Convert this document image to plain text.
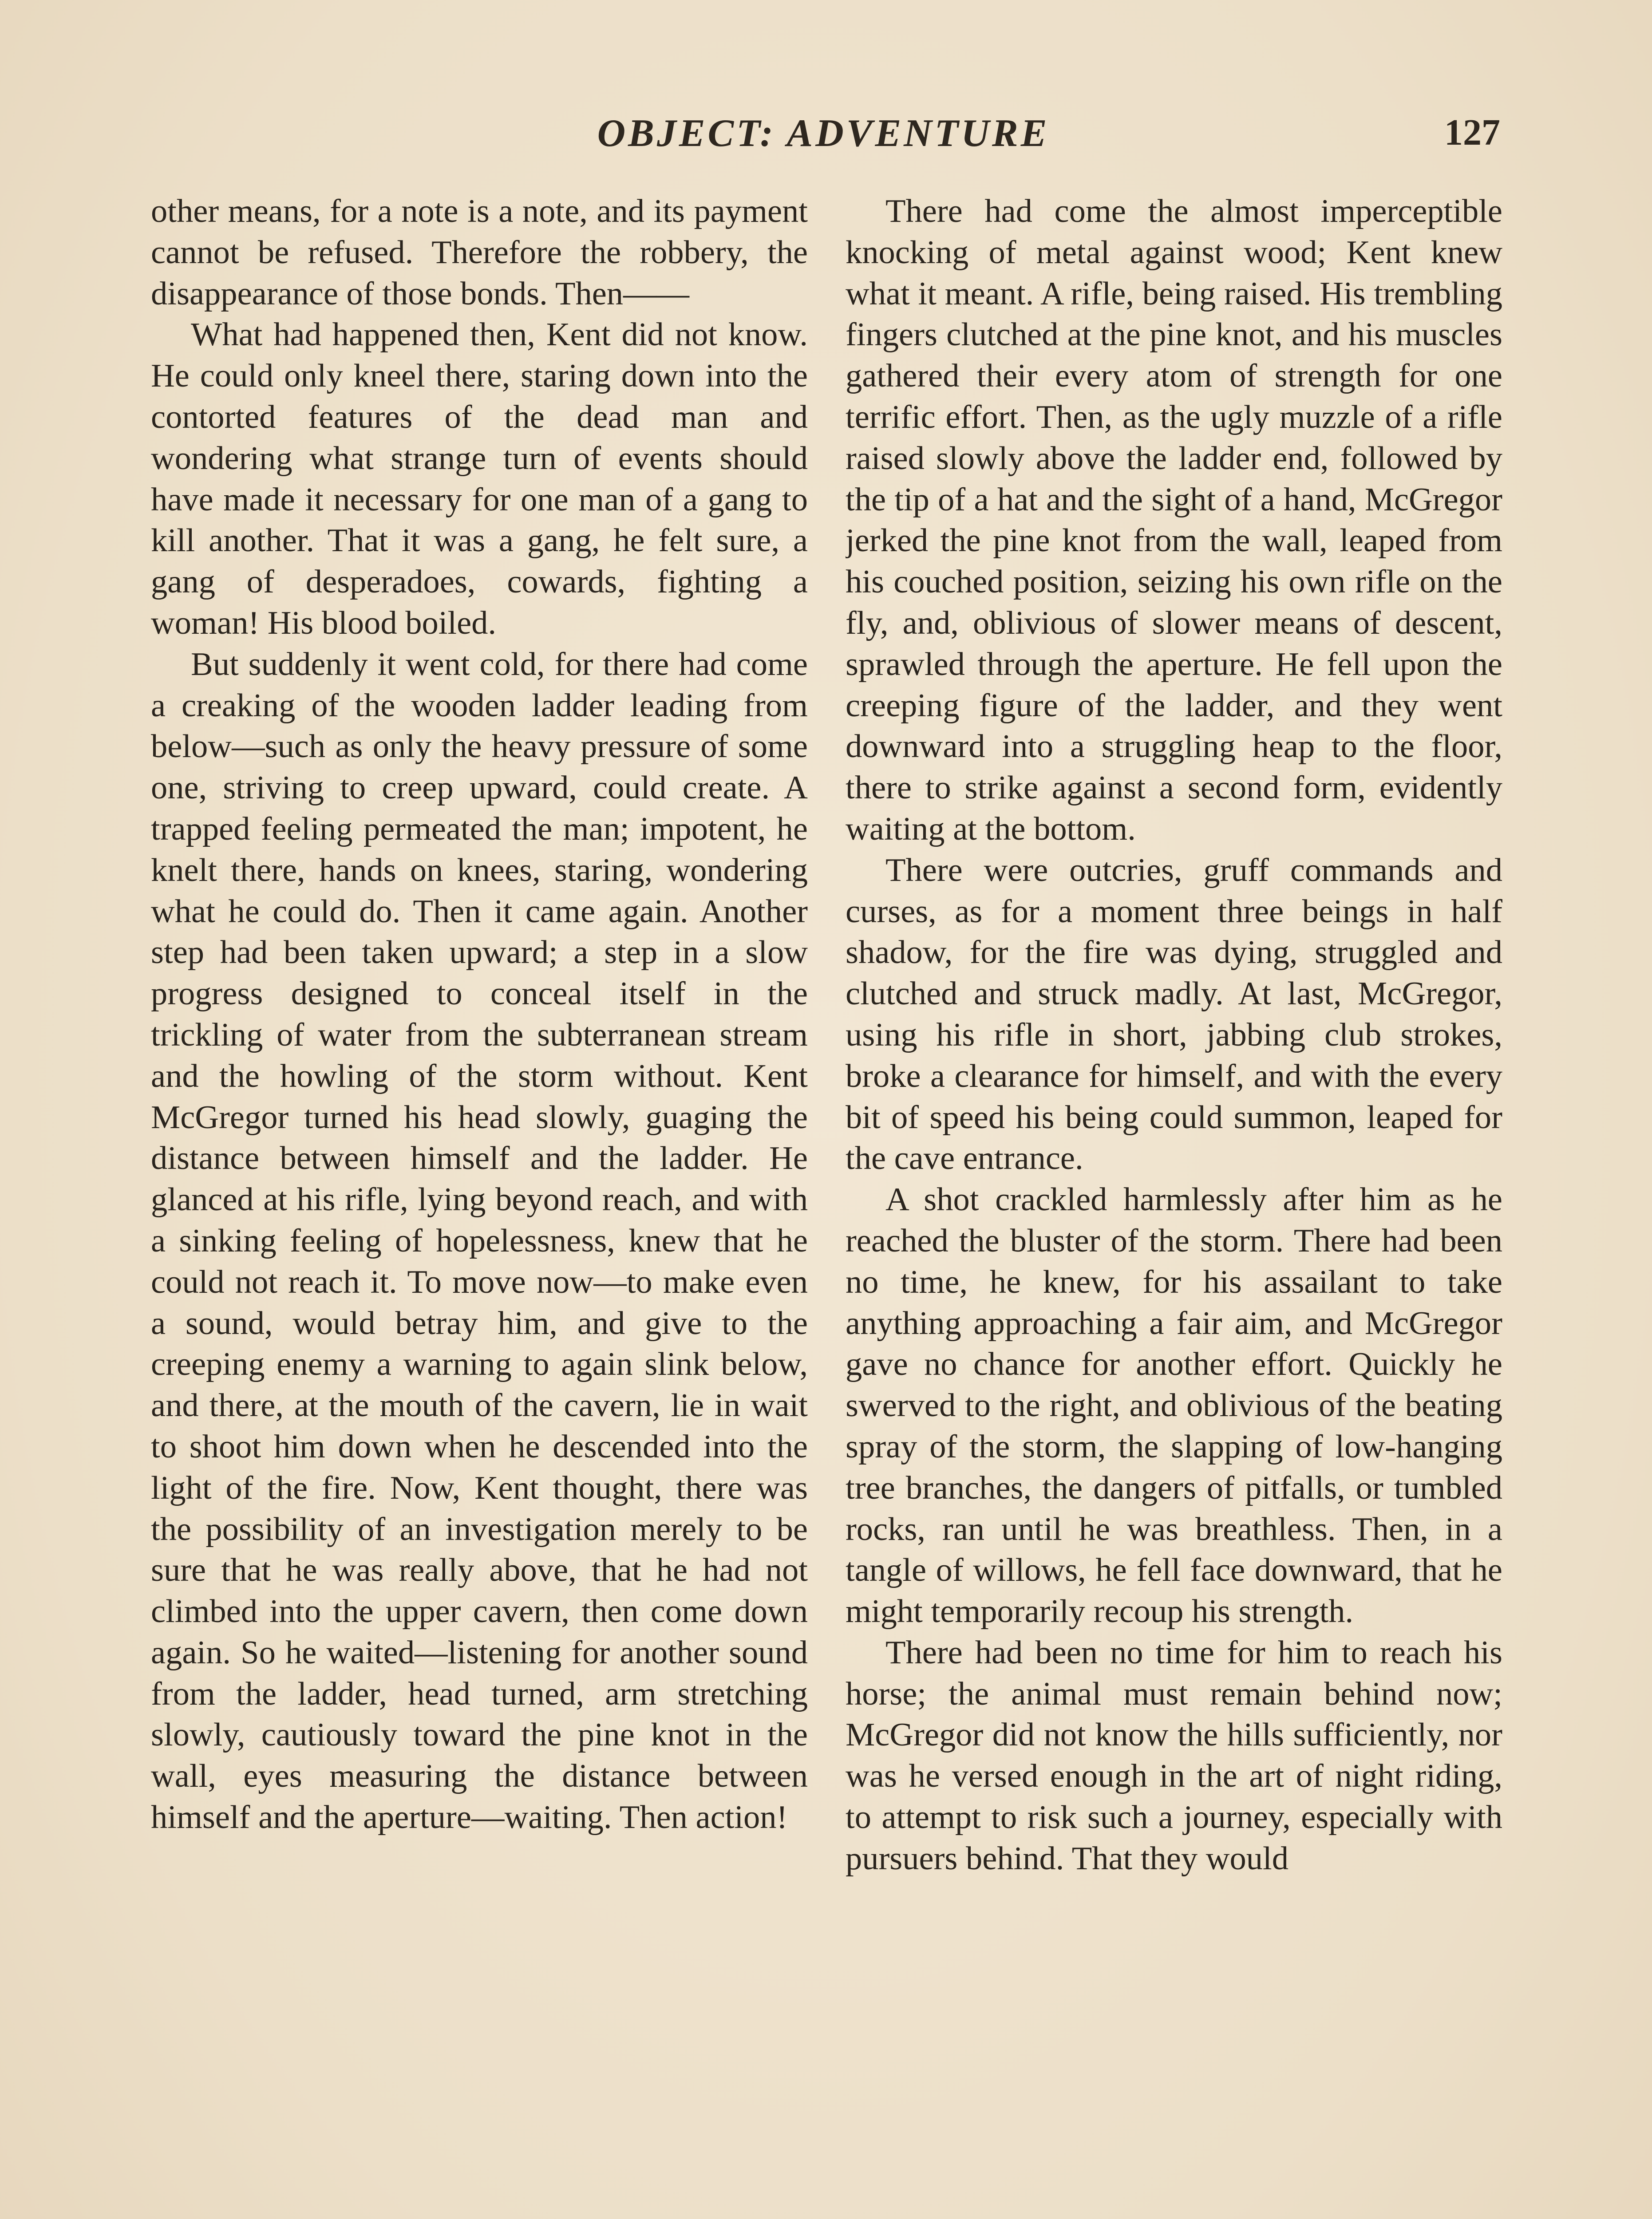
OBJECT: ADVENTURE	127

other means, for a note is a note, and its payment cannot be refused. Therefore the robbery, the disappearance of those bonds. Then——

What had happened then, Kent did not know. He could only kneel there, staring down into the contorted features of the dead man and wondering what strange turn of events should have made it necessary for one man of a gang to kill another. That it was a gang, he felt sure, a gang of desperadoes, cowards, fighting a woman! His blood boiled.

But suddenly it went cold, for there had come a creaking of the wooden ladder leading from below—such as only the heavy pressure of some one, striving to creep upward, could create. A trapped feeling permeated the man; impotent, he knelt there, hands on knees, staring, wondering what he could do. Then it came again. Another step had been taken upward; a step in a slow progress designed to conceal itself in the trickling of water from the subterranean stream and the howling of the storm without. Kent McGregor turned his head slowly, guaging the distance between himself and the ladder. He glanced at his rifle, lying beyond reach, and with a sinking feeling of hopelessness, knew that he could not reach it. To move now—to make even a sound, would betray him, and give to the creeping enemy a warning to again slink below, and there, at the mouth of the cavern, lie in wait to shoot him down when he descended into the light of the fire. Now, Kent thought, there was the possibility of an investigation merely to be sure that he was really above, that he had not climbed into the upper cavern, then come down again. So he waited—listening for another sound from the ladder, head turned, arm stretching slowly, cautiously toward the pine knot in the wall, eyes measuring the distance between himself and the aperture—waiting. Then action!

There had come the almost imperceptible knocking of metal against wood; Kent knew what it meant. A rifle, being raised. His trembling fingers clutched at the pine knot, and his muscles gathered their every atom of strength for one terrific effort. Then, as the ugly muzzle of a rifle raised slowly above the ladder end, followed by the tip of a hat and the sight of a hand, McGregor jerked the pine knot from the wall, leaped from his couched position, seizing his own rifle on the fly, and, oblivious of slower means of descent, sprawled through the aperture. He fell upon the creeping figure of the ladder, and they went downward into a struggling heap to the floor, there to strike against a second form, evidently waiting at the bottom.

There were outcries, gruff commands and curses, as for a moment three beings in half shadow, for the fire was dying, struggled and clutched and struck madly. At last, McGregor, using his rifle in short, jabbing club strokes, broke a clearance for himself, and with the every bit of speed his being could summon, leaped for the cave entrance.

A shot crackled harmlessly after him as he reached the bluster of the storm. There had been no time, he knew, for his assailant to take anything approaching a fair aim, and McGregor gave no chance for another effort. Quickly he swerved to the right, and oblivious of the beating spray of the storm, the slapping of low-hanging tree branches, the dangers of pitfalls, or tumbled rocks, ran until he was breathless. Then, in a tangle of willows, he fell face downward, that he might temporarily recoup his strength.

There had been no time for him to reach his horse; the animal must remain behind now; McGregor did not know the hills sufficiently, nor was he versed enough in the art of night riding, to attempt to risk such a journey, especially with pursuers behind. That they would
